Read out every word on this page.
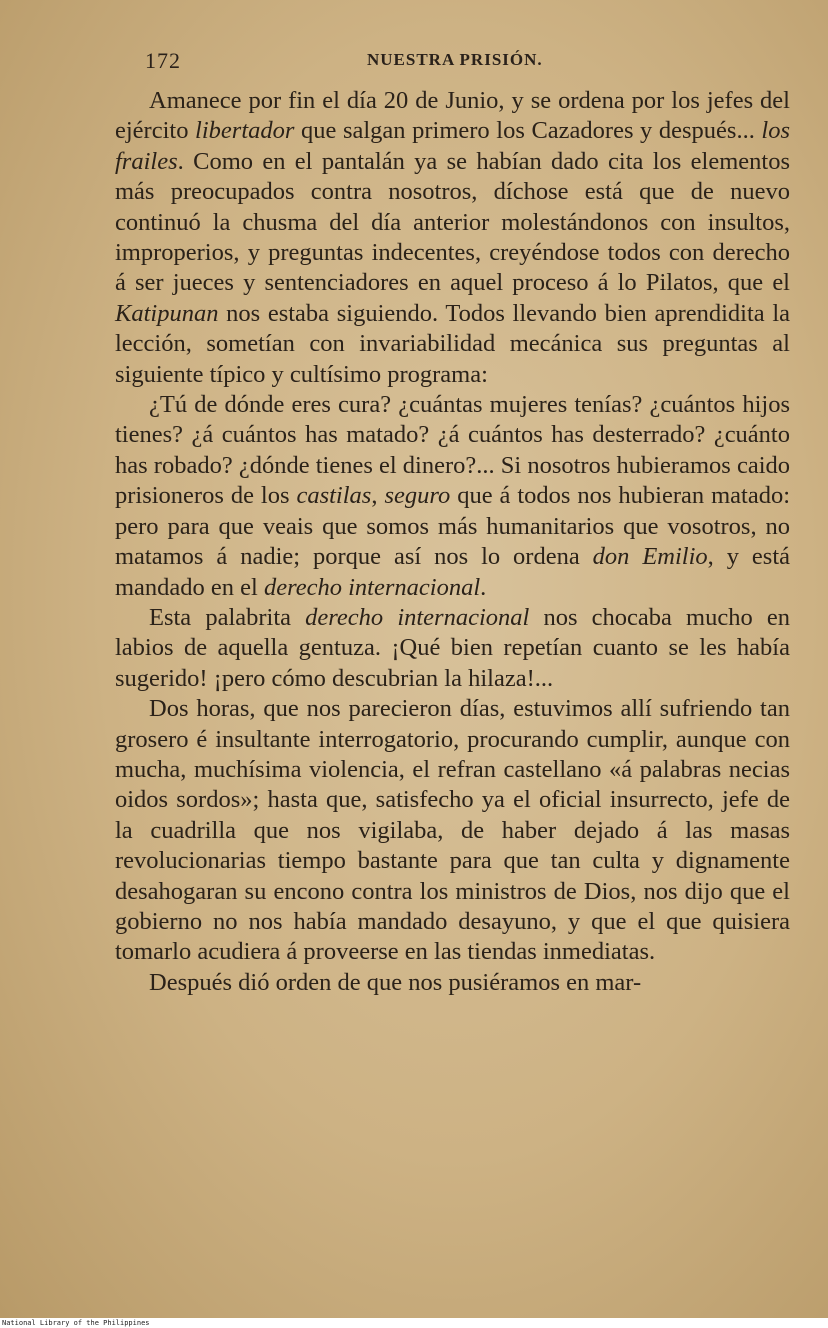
172	NUESTRA PRISIÓN.

Amanece por fin el día 20 de Junio, y se ordena por los jefes del ejército libertador que salgan primero los Cazadores y después... los frailes. Como en el pantalán ya se habían dado cita los elementos más preocupados contra nosotros, díchose está que de nuevo continuó la chusma del día anterior molestándonos con insultos, improperios, y preguntas indecentes, creyéndose todos con derecho á ser jueces y sentenciadores en aquel proceso á lo Pilatos, que el Katipunan nos estaba siguiendo. Todos llevando bien aprendidita la lección, sometían con invariabilidad mecánica sus preguntas al siguiente típico y cultísimo programa:

¿Tú de dónde eres cura? ¿cuántas mujeres tenías? ¿cuántos hijos tienes? ¿á cuántos has matado? ¿á cuántos has desterrado? ¿cuánto has robado? ¿dónde tienes el dinero?... Si nosotros hubieramos caido prisioneros de los castilas, seguro que á todos nos hubieran matado: pero para que veais que somos más humanitarios que vosotros, no matamos á nadie; porque así nos lo ordena don Emilio, y está mandado en el derecho internacional.

Esta palabrita derecho internacional nos chocaba mucho en labios de aquella gentuza. ¡Qué bien repetían cuanto se les había sugerido! ¡pero cómo descubrian la hilaza!...

Dos horas, que nos parecieron días, estuvimos allí sufriendo tan grosero é insultante interrogatorio, procurando cumplir, aunque con mucha, muchísima violencia, el refran castellano «á palabras necias oidos sordos»; hasta que, satisfecho ya el oficial insurrecto, jefe de la cuadrilla que nos vigilaba, de haber dejado á las masas revolucionarias tiempo bastante para que tan culta y dignamente desahogaran su encono contra los ministros de Dios, nos dijo que el gobierno no nos había mandado desayuno, y que el que quisiera tomarlo acudiera á proveerse en las tiendas inmediatas.

Después dió orden de que nos pusiéramos en mar-

National Library of the Philippines
